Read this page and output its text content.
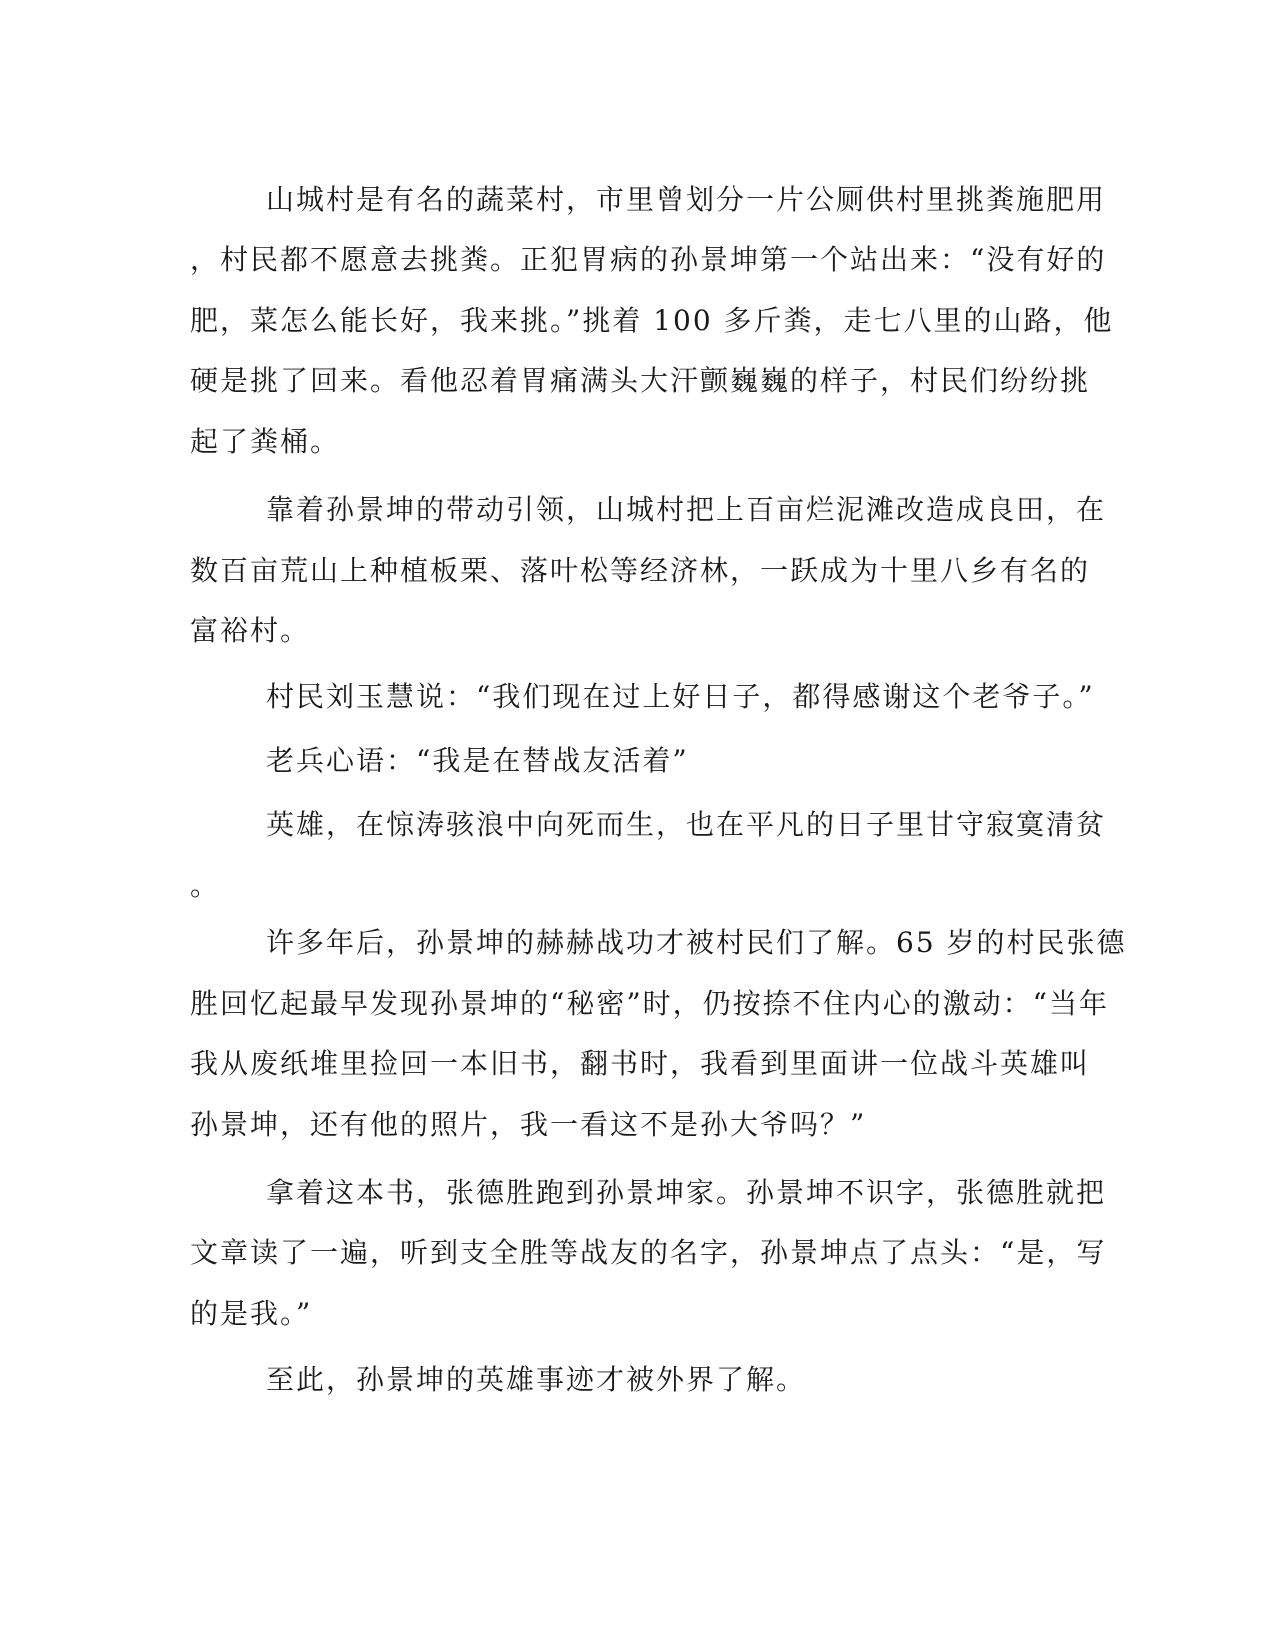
山城村是有名的蔬菜村，市里曾划分一片公厕供村里挑粪施肥用

，村民都不愿意去挑粪。正犯胃病的孙景坤第一个站出来：“没有好的

肥，菜怎么能长好，我来挑。”挑着 100 多斤粪，走七八里的山路，他

硬是挑了回来。看他忍着胃痛满头大汗颤巍巍的样子，村民们纷纷挑

起了粪桶。

靠着孙景坤的带动引领，山城村把上百亩烂泥滩改造成良田，在

数百亩荒山上种植板栗、落叶松等经济林，一跃成为十里八乡有名的

富裕村。

村民刘玉慧说：“我们现在过上好日子，都得感谢这个老爷子。”

老兵心语：“我是在替战友活着”

英雄，在惊涛骇浪中向死而生，也在平凡的日子里甘守寂寞清贫

。

许多年后，孙景坤的赫赫战功才被村民们了解。65 岁的村民张德

胜回忆起最早发现孙景坤的“秘密”时，仍按捺不住内心的激动：“当年

我从废纸堆里捡回一本旧书，翻书时，我看到里面讲一位战斗英雄叫

孙景坤，还有他的照片，我一看这不是孙大爷吗？”

拿着这本书，张德胜跑到孙景坤家。孙景坤不识字，张德胜就把

文章读了一遍，听到支全胜等战友的名字，孙景坤点了点头：“是，写

的是我。”

至此，孙景坤的英雄事迹才被外界了解。
